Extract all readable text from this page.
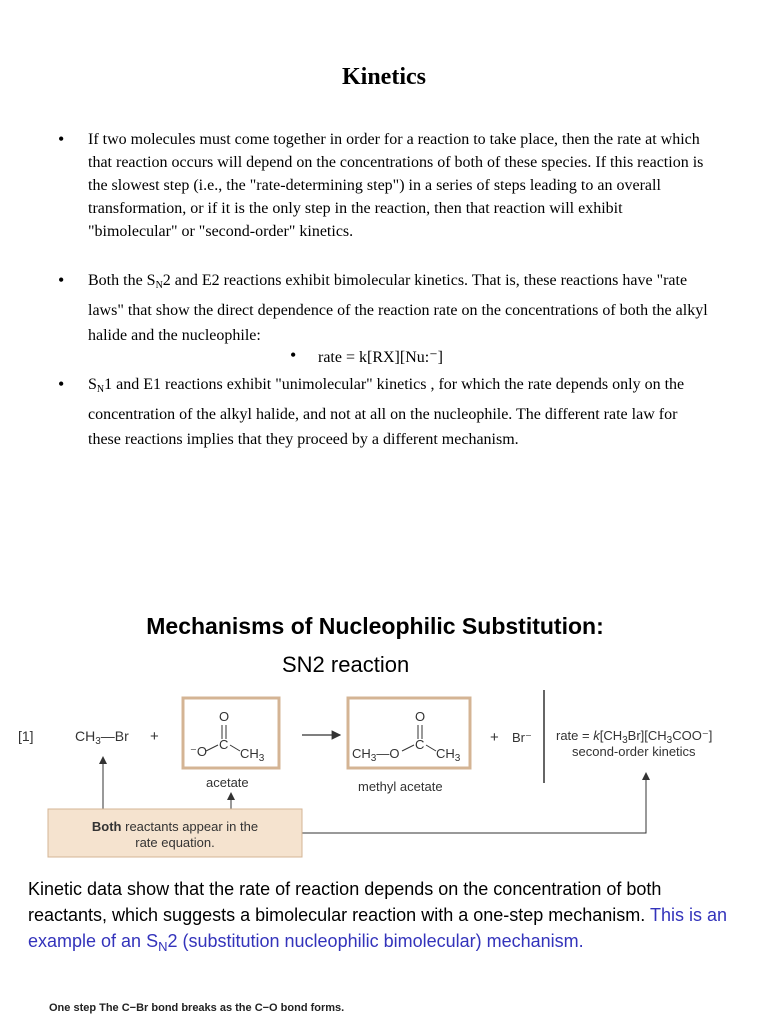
Kinetics
• If two molecules must come together in order for a reaction to take place, then the rate at which that reaction occurs will depend on the concentrations of both of these species. If this reaction is the slowest step (i.e., the "rate-determining step") in a series of steps leading to an overall transformation, or if it is the only step in the reaction, then that reaction will exhibit "bimolecular" or "second-order" kinetics.
• Both the SN2 and E2 reactions exhibit bimolecular kinetics. That is, these reactions have "rate laws" that show the direct dependence of the reaction rate on the concentrations of both the alkyl halide and the nucleophile:
• SN1 and E1 reactions exhibit "unimolecular" kinetics , for which the rate depends only on the concentration of the alkyl halide, and not at all on the nucleophile. The different rate law for these reactions implies that they proceed by a different mechanism.
• rate = k[RX][Nu:⁻]
Mechanisms of Nucleophilic Substitution:
SN2 reaction
[1]	$CH_3—Br$ +
O
⁻O C
$CH_3$
acetate
O
$CH_3—O$
C
$CH_3$
methyl acetate
+ Br⁻ rate = $k[CH_3Br][CH_3COO^-]$
second-order kinetics
Both reactants appear in the
rate equation.
Kinetic data show that the rate of reaction depends on the concentration of both reactants, which suggests a bimolecular reaction with a one-step mechanism. This is an example of an $S_N2$ (substitution nucleophilic bimolecular) mechanism.
One step The C−Br bond breaks as the C−O bond forms.
